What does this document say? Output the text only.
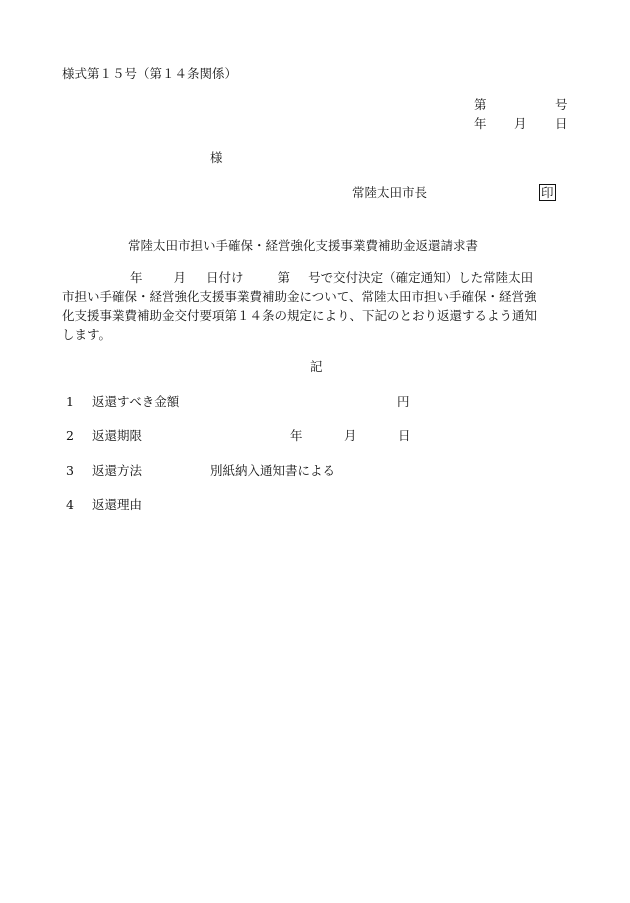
様式第１５号（第１４条関係）
第	号
年 月 日
様
常陸太田市長	印
常陸太田市担い手確保・経営強化支援事業費補助金返還請求書

年 月 日付け	第 号で交付決定（確定通知）した常陸太田

市担い手確保・経営強化支援事業費補助金について、常陸太田市担い手確保・経営強

化支援事業費補助金交付要項第１４条の規定により、下記のとおり返還するよう通知

します。

記
1 返還すべき金額	円
2 返還期限	年	月	日
3 返還方法	別紙納入通知書による
4 返還理由
